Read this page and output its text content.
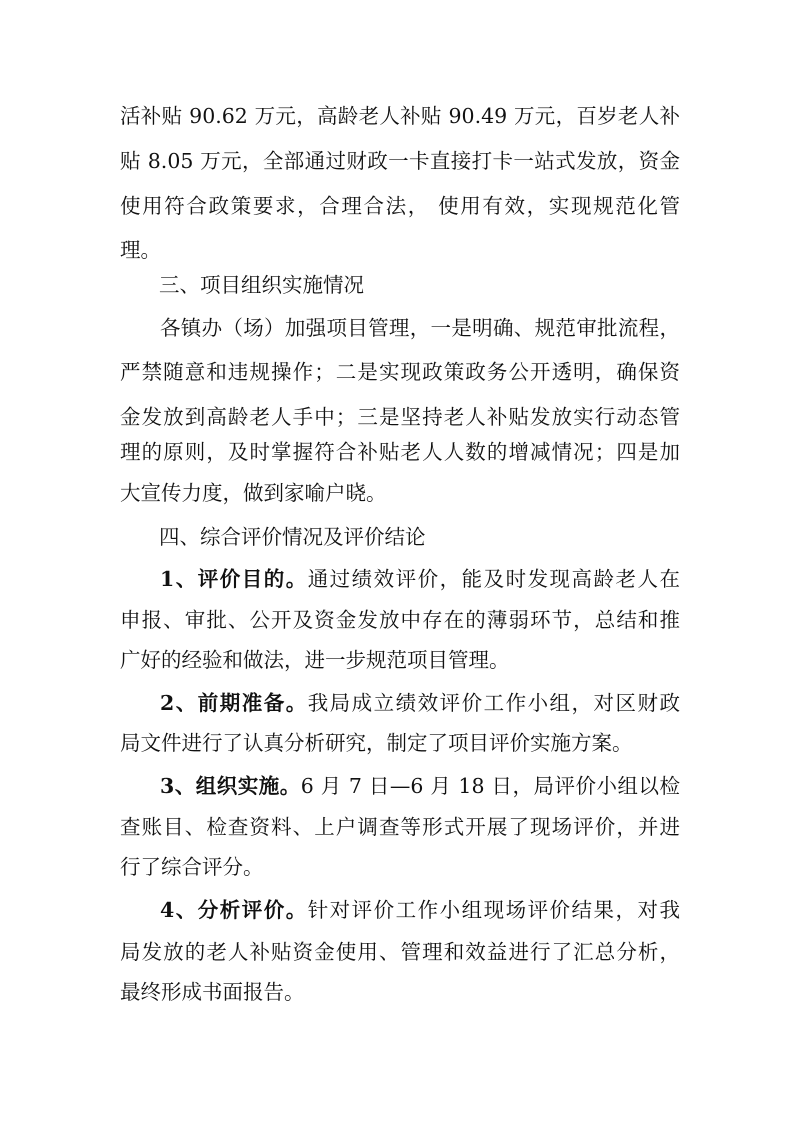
活补贴 90.62 万元，高龄老人补贴 90.49 万元，百岁老人补
贴 8.05 万元，全部通过财政一卡直接打卡一站式发放，资金
使用符合政策要求，合理合法， 使用有效，实现规范化管
理。
三、项目组织实施情况
各镇办（场）加强项目管理，一是明确、规范审批流程，
严禁随意和违规操作；二是实现政策政务公开透明，确保资
金发放到高龄老人手中；三是坚持老人补贴发放实行动态管
理的原则，及时掌握符合补贴老人人数的增减情况；四是加
大宣传力度，做到家喻户晓。
四、综合评价情况及评价结论
1、评价目的。通过绩效评价，能及时发现高龄老人在
申报、审批、公开及资金发放中存在的薄弱环节，总结和推
广好的经验和做法，进一步规范项目管理。
2、前期准备。我局成立绩效评价工作小组，对区财政
局文件进行了认真分析研究，制定了项目评价实施方案。
3、组织实施。6 月 7 日—6 月 18 日，局评价小组以检
查账目、检查资料、上户调查等形式开展了现场评价，并进
行了综合评分。
4、分析评价。针对评价工作小组现场评价结果，对我
局发放的老人补贴资金使用、管理和效益进行了汇总分析，
最终形成书面报告。
